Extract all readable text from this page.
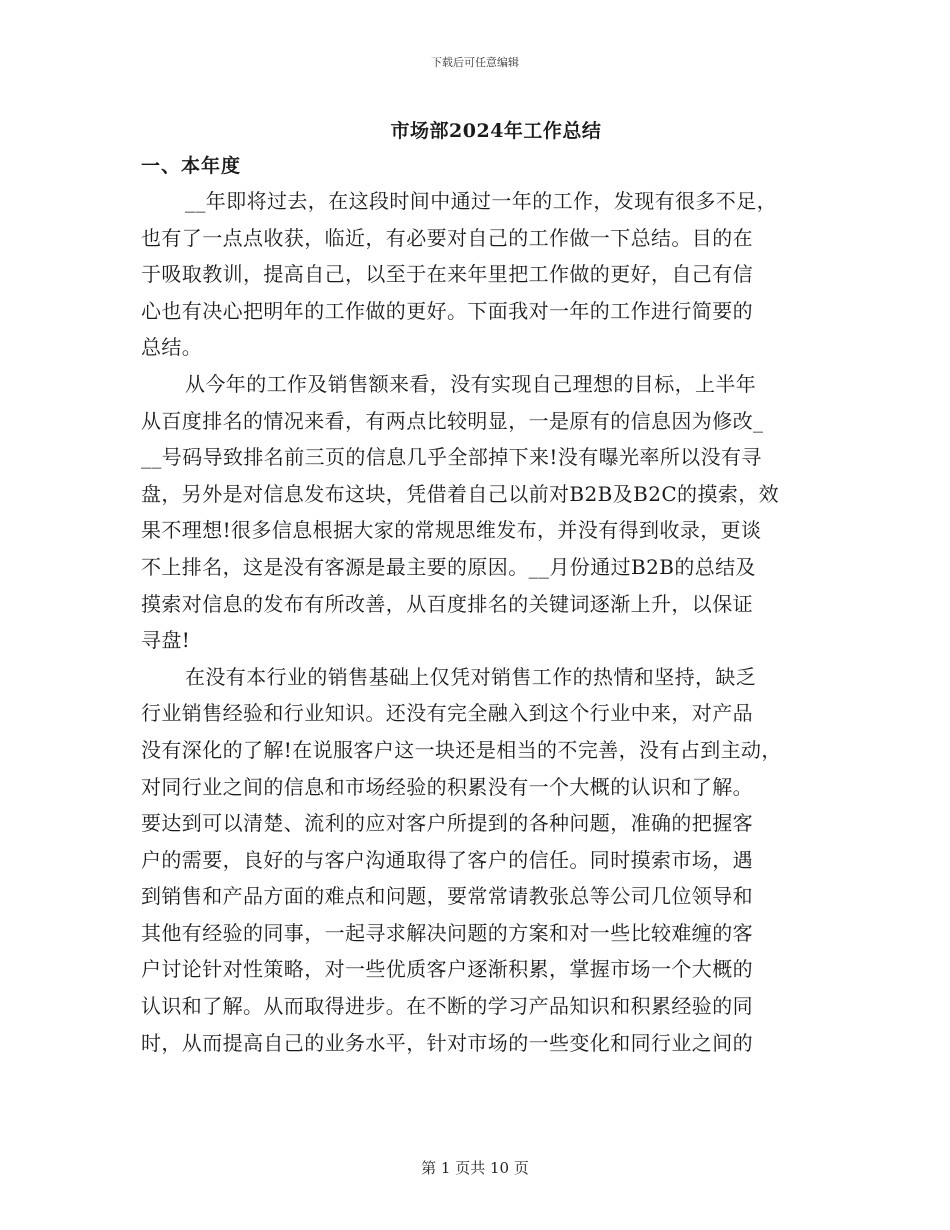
下载后可任意编辑
市场部2024年工作总结
一、本年度
__年即将过去，在这段时间中通过一年的工作，发现有很多不足，
也有了一点点收获，临近，有必要对自己的工作做一下总结。目的在
于吸取教训，提高自己，以至于在来年里把工作做的更好，自己有信
心也有决心把明年的工作做的更好。下面我对一年的工作进行简要的
总结。
从今年的工作及销售额来看，没有实现自己理想的目标，上半年
从百度排名的情况来看，有两点比较明显，一是原有的信息因为修改_
__号码导致排名前三页的信息几乎全部掉下来!没有曝光率所以没有寻
盘，另外是对信息发布这块，凭借着自己以前对B2B及B2C的摸索，效
果不理想!很多信息根据大家的常规思维发布，并没有得到收录，更谈
不上排名，这是没有客源是最主要的原因。__月份通过B2B的总结及
摸索对信息的发布有所改善，从百度排名的关键词逐渐上升，以保证
寻盘!
在没有本行业的销售基础上仅凭对销售工作的热情和坚持，缺乏
行业销售经验和行业知识。还没有完全融入到这个行业中来，对产品
没有深化的了解!在说服客户这一块还是相当的不完善，没有占到主动，
对同行业之间的信息和市场经验的积累没有一个大概的认识和了解。
要达到可以清楚、流利的应对客户所提到的各种问题，准确的把握客
户的需要，良好的与客户沟通取得了客户的信任。同时摸索市场，遇
到销售和产品方面的难点和问题，要常常请教张总等公司几位领导和
其他有经验的同事，一起寻求解决问题的方案和对一些比较难缠的客
户讨论针对性策略，对一些优质客户逐渐积累，掌握市场一个大概的
认识和了解。从而取得进步。在不断的学习产品知识和积累经验的同
时，从而提高自己的业务水平，针对市场的一些变化和同行业之间的
第 1 页共 10 页
